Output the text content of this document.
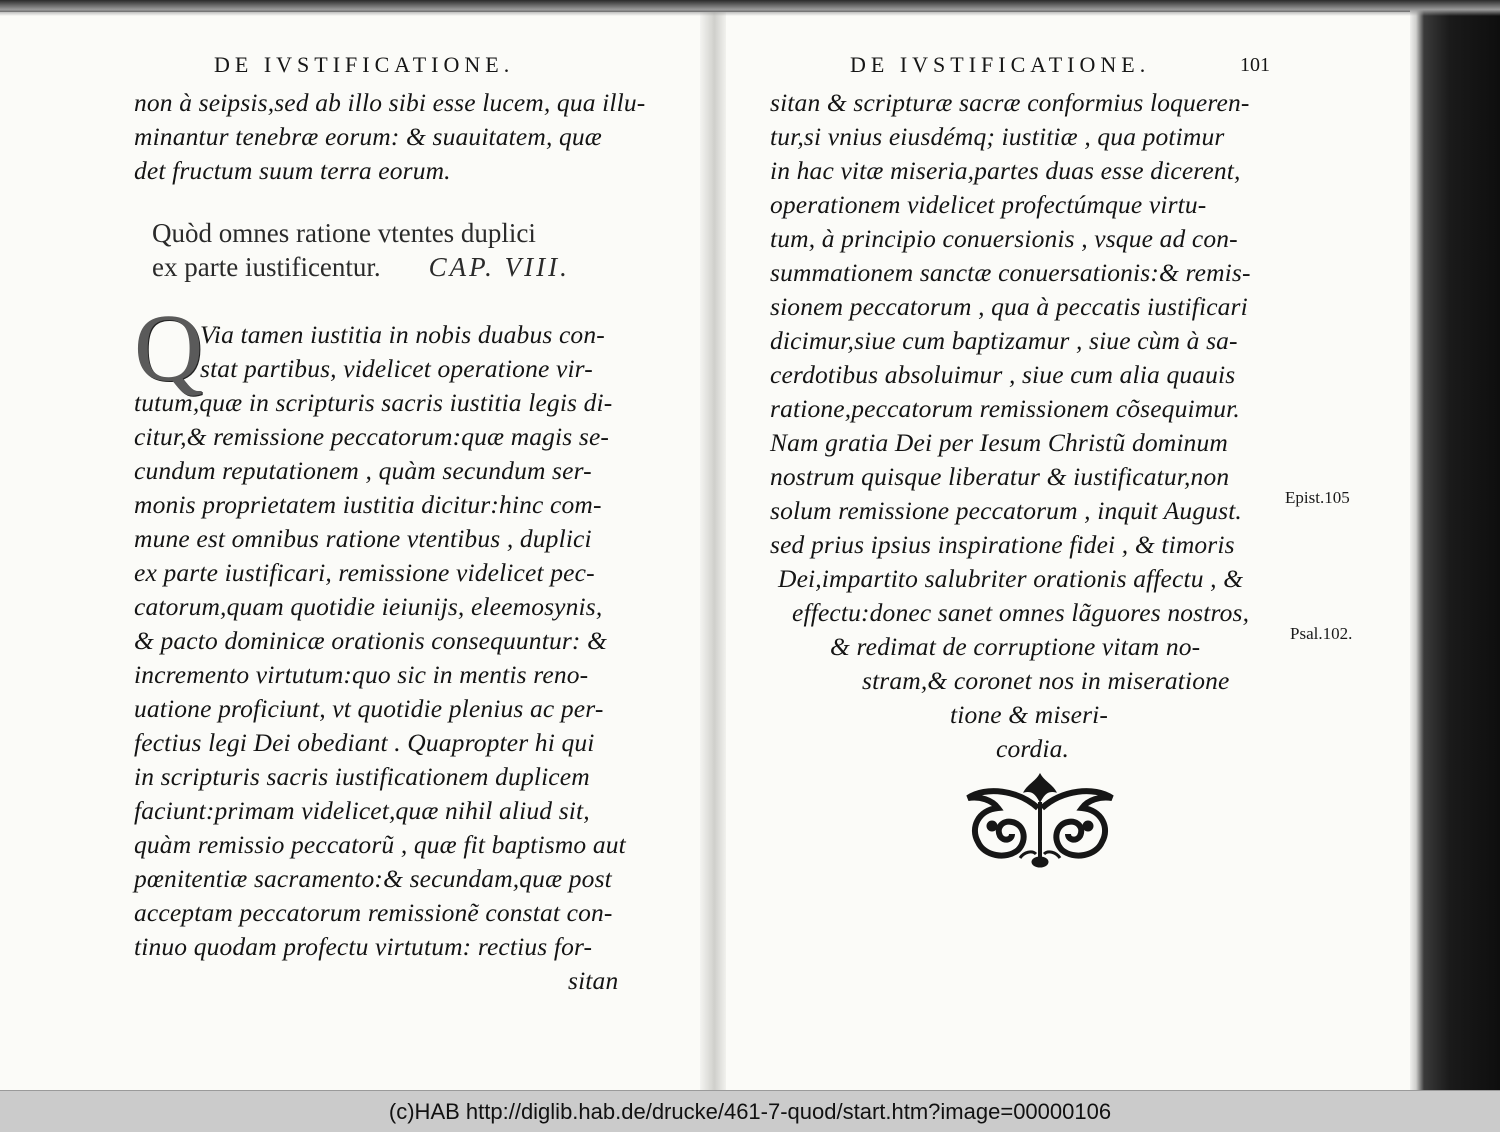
DE IVSTIFICATIONE.
non à seipsis,sed ab illo sibi esse lucem, qua illu-
minantur tenebræ eorum: & suauitatem, quæ
det fructum suum terra eorum.
Quòd omnes ratione vtentes duplici
ex parte iustificentur. CAP. VIII.
Q
Via tamen iustitia in nobis duabus con-
stat partibus, videlicet operatione vir-
tutum,quæ in scripturis sacris iustitia legis di-
citur,& remissione peccatorum:quæ magis se-
cundum reputationem , quàm secundum ser-
monis proprietatem iustitia dicitur:hinc com-
mune est omnibus ratione vtentibus , duplici
ex parte iustificari, remissione videlicet pec-
catorum,quam quotidie ieiunijs, eleemosynis,
& pacto dominicæ orationis consequuntur: &
incremento virtutum:quo sic in mentis reno-
uatione proficiunt, vt quotidie plenius ac per-
fectius legi Dei obediant . Quapropter hi qui
in scripturis sacris iustificationem duplicem
faciunt:primam videlicet,quæ nihil aliud sit,
quàm remissio peccatorũ , quæ fit baptismo aut
pœnitentiæ sacramento:& secundam,quæ post
acceptam peccatorum remissionẽ constat con-
tinuo quodam profectu virtutum: rectius for-
sitan
DE IVSTIFICATIONE.	101
sitan & scripturæ sacræ conformius loqueren-
tur,si vnius eiusdémq; iustitiæ , qua potimur
in hac vitæ miseria,partes duas esse dicerent,
operationem videlicet profectúmque virtu-
tum, à principio conuersionis , vsque ad con-
summationem sanctæ conuersationis:& remis-
sionem peccatorum , qua à peccatis iustificari
dicimur,siue cum baptizamur , siue cùm à sa-
cerdotibus absoluimur , siue cum alia quauis
ratione,peccatorum remissionem cõsequimur.
Nam gratia Dei per Iesum Christũ dominum
nostrum quisque liberatur & iustificatur,non
solum remissione peccatorum , inquit August.
sed prius ipsius inspiratione fidei , & timoris
Dei,impartito salubriter orationis affectu , &
effectu:donec sanet omnes lãguores nostros,
& redimat de corruptione vitam no-
stram,& coronet nos in miseratione
tione & miseri-
cordia.
Epist.105
Psal.102.
(c)HAB http://diglib.hab.de/drucke/461-7-quod/start.htm?image=00000106
